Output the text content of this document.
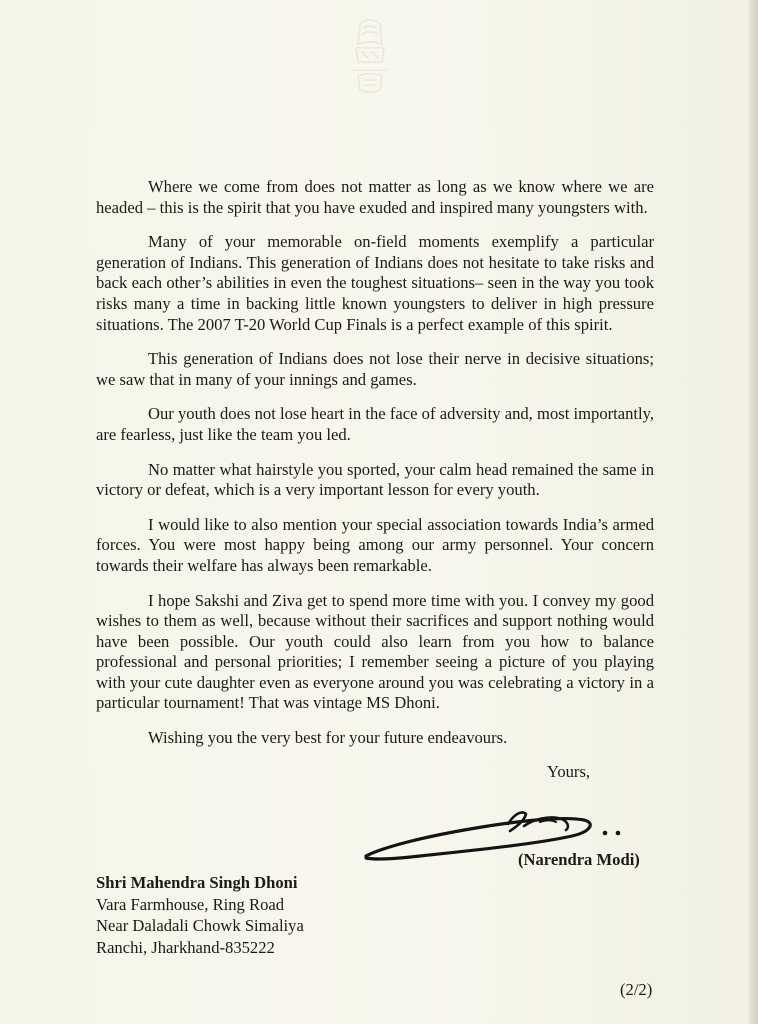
Where we come from does not matter as long as we know where we are headed – this is the spirit that you have exuded and inspired many youngsters with.

Many of your memorable on-field moments exemplify a particular generation of Indians. This generation of Indians does not hesitate to take risks and back each other’s abilities in even the toughest situations– seen in the way you took risks many a time in backing little known youngsters to deliver in high pressure situations. The 2007 T-20 World Cup Finals is a perfect example of this spirit.

This generation of Indians does not lose their nerve in decisive situations; we saw that in many of your innings and games.

Our youth does not lose heart in the face of adversity and, most importantly, are fearless, just like the team you led.

No matter what hairstyle you sported, your calm head remained the same in victory or defeat, which is a very important lesson for every youth.

I would like to also mention your special association towards India’s armed forces. You were most happy being among our army personnel. Your concern towards their welfare has always been remarkable.

I hope Sakshi and Ziva get to spend more time with you. I convey my good wishes to them as well, because without their sacrifices and support nothing would have been possible. Our youth could also learn from you how to balance professional and personal priorities; I remember seeing a picture of you playing with your cute daughter even as everyone around you was celebrating a victory in a particular tournament! That was vintage MS Dhoni.

Wishing you the very best for your future endeavours.

Yours,
(Narendra Modi)
Shri Mahendra Singh Dhoni
Vara Farmhouse, Ring Road
Near Daladali Chowk Simaliya
Ranchi, Jharkhand-835222
(2/2)
